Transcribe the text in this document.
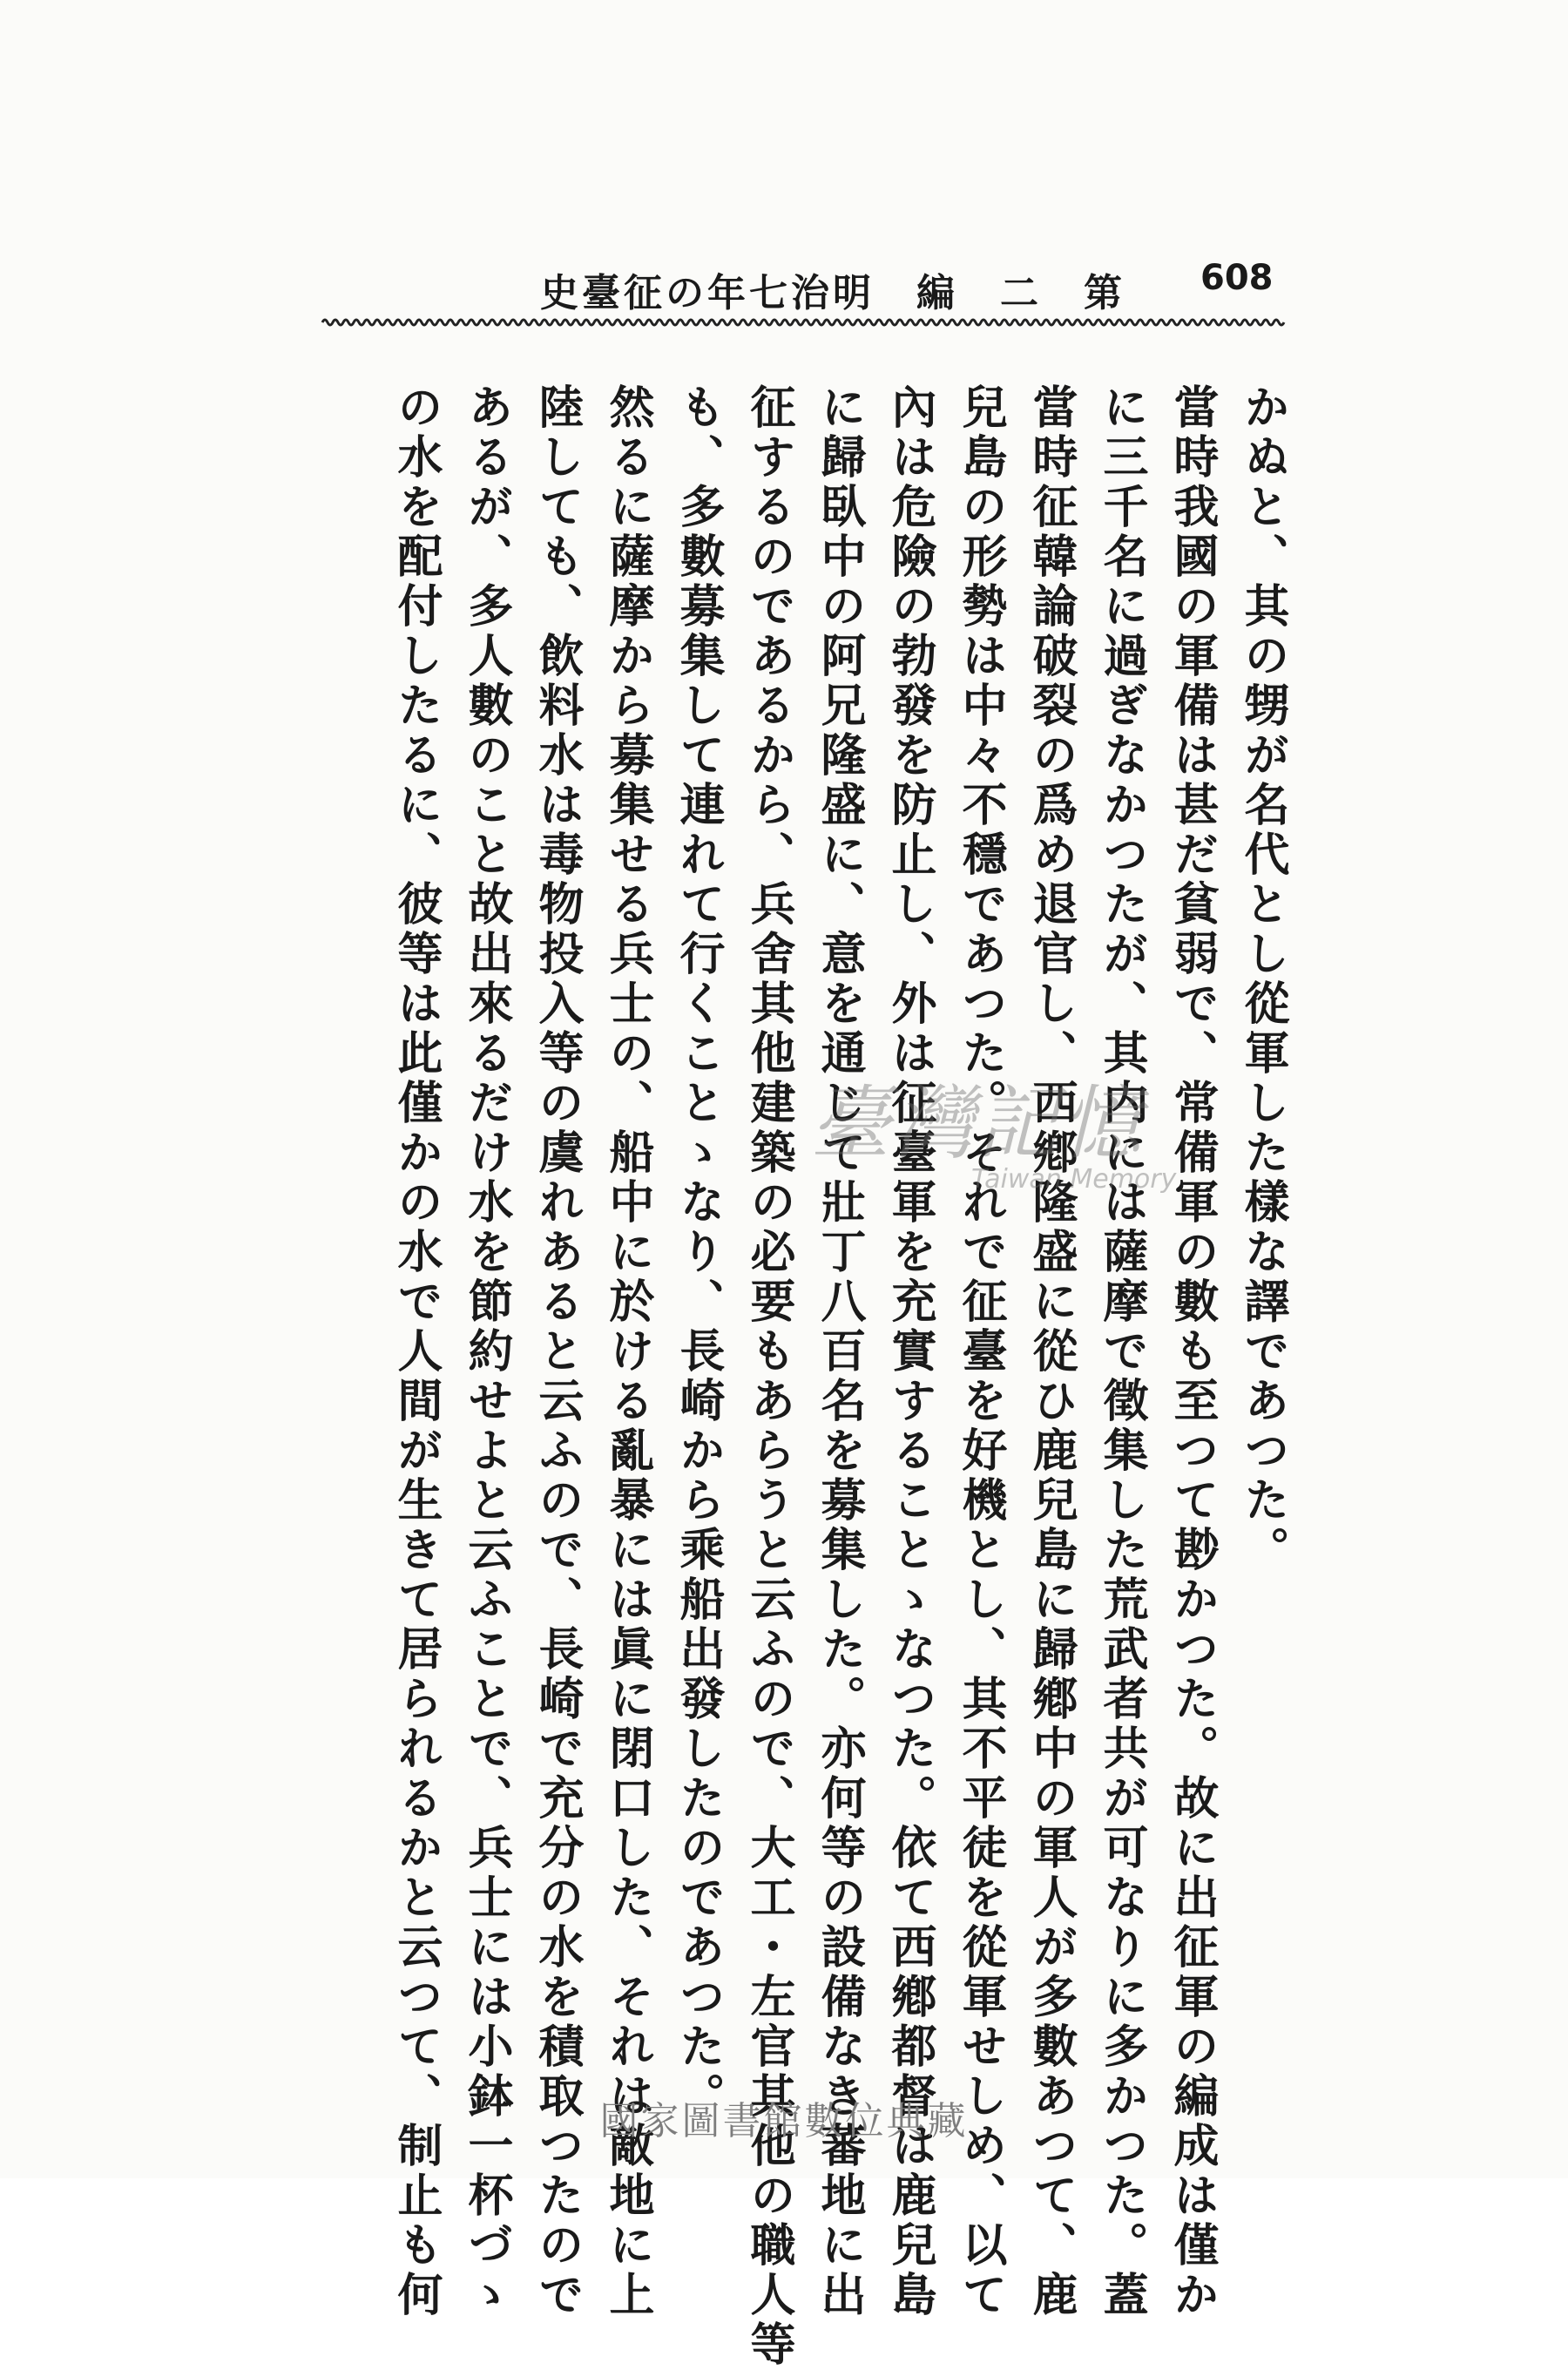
史臺征の年七治明　編　二　第 608
かぬと、其の甥が名代とし從軍した樣な譯であつた。
當時我國の軍備は甚だ貧弱で、常備軍の數も至つて尠かつた。故に出征軍の編成は僅か
に三千名に過ぎなかつたが、其内には薩摩で徵集した荒武者共が可なりに多かつた。蓋
當時征韓論破裂の爲め退官し、西鄕隆盛に從ひ鹿兒島に歸鄕中の軍人が多數あつて、鹿
兒島の形勢は中々不穩であつた。それで征臺を好機とし、其不平徒を從軍せしめ、以て
內は危險の勃發を防止し、外は征臺軍を充實することゝなつた。依て西鄕都督は鹿兒島
に歸臥中の阿兄隆盛に、意を通じて壯丁八百名を募集した。亦何等の設備なき蕃地に出
征するのであるから、兵舍其他建築の必要もあらうと云ふので、大工・左官其他の職人等
も、多數募集して連れて行くことゝなり、長崎から乘船出發したのであつた。
然るに薩摩から募集せる兵士の、船中に於ける亂暴には眞に閉口した、それは敵地に上
陸しても、飲料水は毒物投入等の虞れあると云ふので、長崎で充分の水を積取つたので
あるが、多人數のこと故出來るだけ水を節約せよと云ふことで、兵士には小鉢一杯づゝ
の水を配付したるに、彼等は此僅かの水で人間が生きて居られるかと云つて、制止も何	臺灣記憶
Taiwan Memory
國家圖書館數位典藏
